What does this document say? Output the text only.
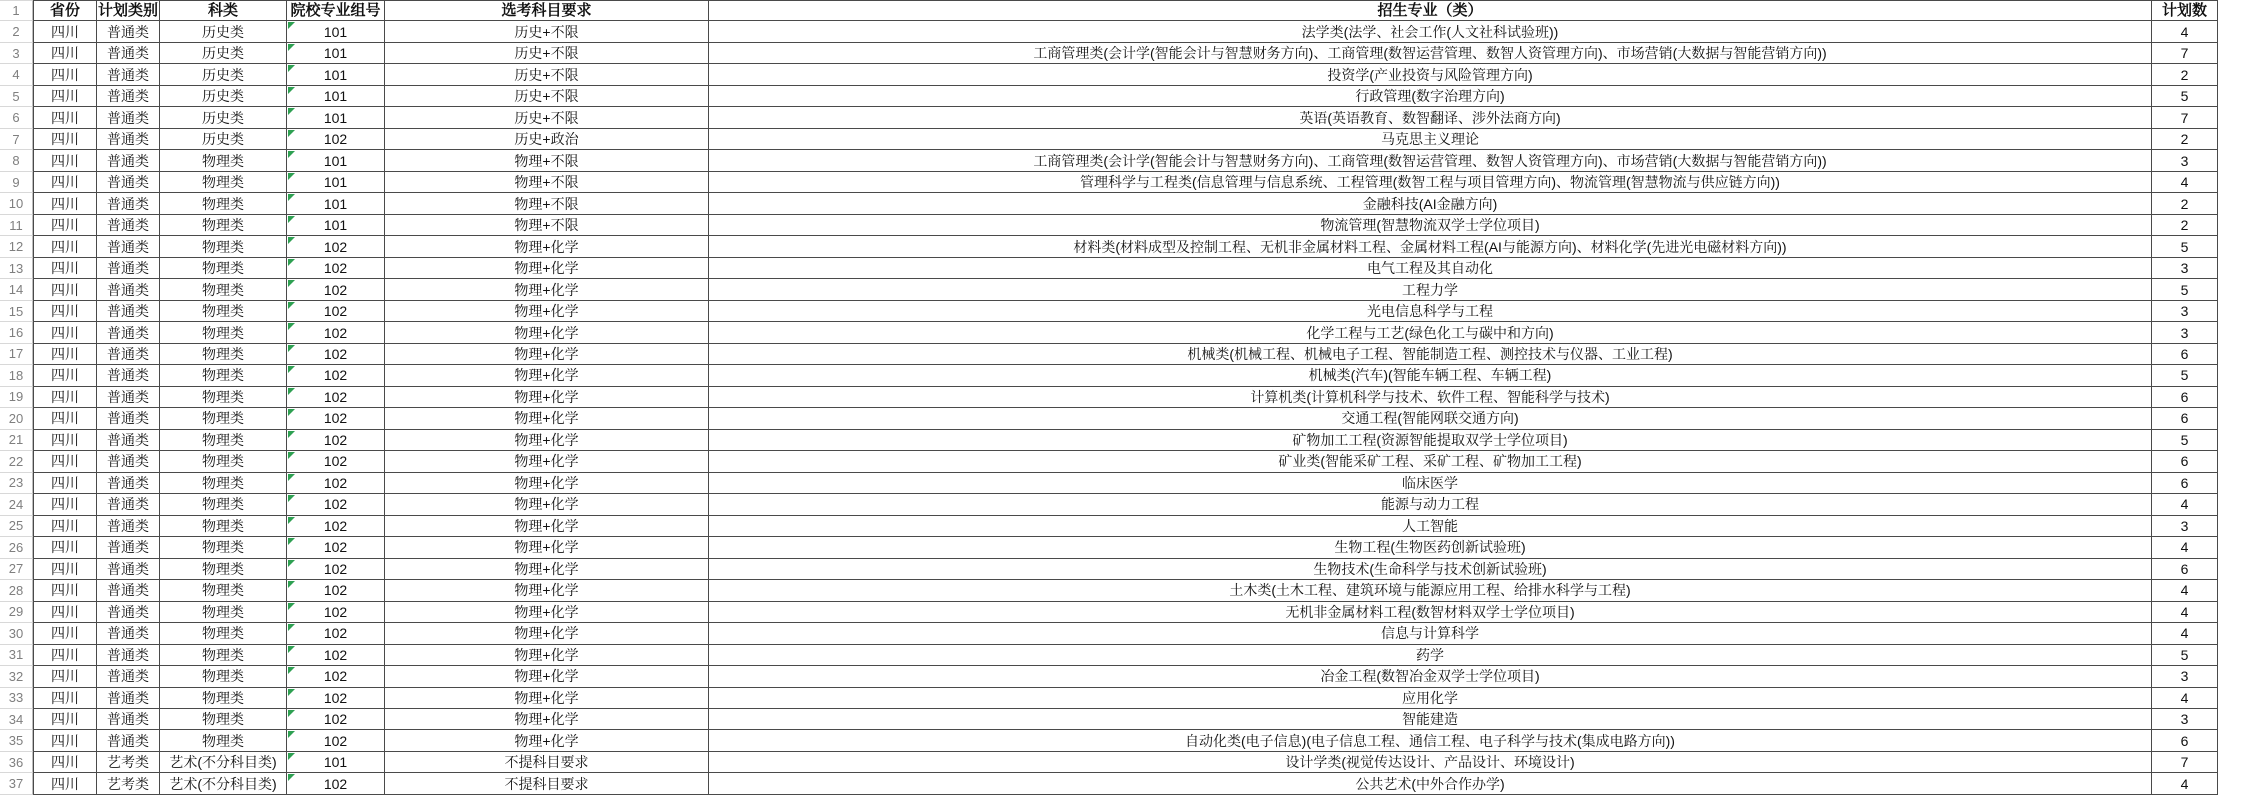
1	省份	计划类别	科类	院校专业组号	选考科目要求	招生专业（类）	计划数
2	四川	普通类	历史类	101	历史+不限	法学类(法学、社会工作(人文社科试验班))	4
3	四川	普通类	历史类	101	历史+不限	工商管理类(会计学(智能会计与智慧财务方向)、工商管理(数智运营管理、数智人资管理方向)、市场营销(大数据与智能营销方向))	7
4	四川	普通类	历史类	101	历史+不限	投资学(产业投资与风险管理方向)	2
5	四川	普通类	历史类	101	历史+不限	行政管理(数字治理方向)	5
6	四川	普通类	历史类	101	历史+不限	英语(英语教育、数智翻译、涉外法商方向)	7
7	四川	普通类	历史类	102	历史+政治	马克思主义理论	2
8	四川	普通类	物理类	101	物理+不限	工商管理类(会计学(智能会计与智慧财务方向)、工商管理(数智运营管理、数智人资管理方向)、市场营销(大数据与智能营销方向))	3
9	四川	普通类	物理类	101	物理+不限	管理科学与工程类(信息管理与信息系统、工程管理(数智工程与项目管理方向)、物流管理(智慧物流与供应链方向))	4
10	四川	普通类	物理类	101	物理+不限	金融科技(AI金融方向)	2
11	四川	普通类	物理类	101	物理+不限	物流管理(智慧物流双学士学位项目)	2
12	四川	普通类	物理类	102	物理+化学	材料类(材料成型及控制工程、无机非金属材料工程、金属材料工程(AI与能源方向)、材料化学(先进光电磁材料方向))	5
13	四川	普通类	物理类	102	物理+化学	电气工程及其自动化	3
14	四川	普通类	物理类	102	物理+化学	工程力学	5
15	四川	普通类	物理类	102	物理+化学	光电信息科学与工程	3
16	四川	普通类	物理类	102	物理+化学	化学工程与工艺(绿色化工与碳中和方向)	3
17	四川	普通类	物理类	102	物理+化学	机械类(机械工程、机械电子工程、智能制造工程、测控技术与仪器、工业工程)	6
18	四川	普通类	物理类	102	物理+化学	机械类(汽车)(智能车辆工程、车辆工程)	5
19	四川	普通类	物理类	102	物理+化学	计算机类(计算机科学与技术、软件工程、智能科学与技术)	6
20	四川	普通类	物理类	102	物理+化学	交通工程(智能网联交通方向)	6
21	四川	普通类	物理类	102	物理+化学	矿物加工工程(资源智能提取双学士学位项目)	5
22	四川	普通类	物理类	102	物理+化学	矿业类(智能采矿工程、采矿工程、矿物加工工程)	6
23	四川	普通类	物理类	102	物理+化学	临床医学	6
24	四川	普通类	物理类	102	物理+化学	能源与动力工程	4
25	四川	普通类	物理类	102	物理+化学	人工智能	3
26	四川	普通类	物理类	102	物理+化学	生物工程(生物医药创新试验班)	4
27	四川	普通类	物理类	102	物理+化学	生物技术(生命科学与技术创新试验班)	6
28	四川	普通类	物理类	102	物理+化学	土木类(土木工程、建筑环境与能源应用工程、给排水科学与工程)	4
29	四川	普通类	物理类	102	物理+化学	无机非金属材料工程(数智材料双学士学位项目)	4
30	四川	普通类	物理类	102	物理+化学	信息与计算科学	4
31	四川	普通类	物理类	102	物理+化学	药学	5
32	四川	普通类	物理类	102	物理+化学	冶金工程(数智冶金双学士学位项目)	3
33	四川	普通类	物理类	102	物理+化学	应用化学	4
34	四川	普通类	物理类	102	物理+化学	智能建造	3
35	四川	普通类	物理类	102	物理+化学	自动化类(电子信息)(电子信息工程、通信工程、电子科学与技术(集成电路方向))	6
36	四川	艺考类	艺术(不分科目类)	101	不提科目要求	设计学类(视觉传达设计、产品设计、环境设计)	7
37	四川	艺考类	艺术(不分科目类)	102	不提科目要求	公共艺术(中外合作办学)	4
